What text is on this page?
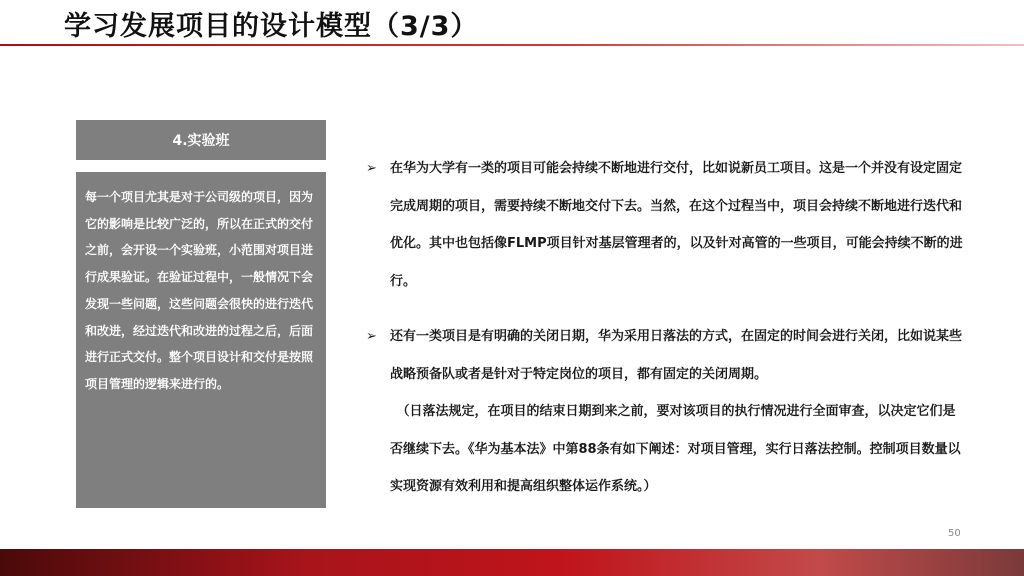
学习发展项目的设计模型（3/3）
4.实验班
每一个项目尤其是对于公司级的项目，因为它的影响是比较广泛的，所以在正式的交付之前，会开设一个实验班，小范围对项目进行成果验证。在验证过程中，一般情况下会发现一些问题，这些问题会很快的进行迭代和改进，经过迭代和改进的过程之后，后面进行正式交付。整个项目设计和交付是按照项目管理的逻辑来进行的。
➢ 在华为大学有一类的项目可能会持续不断地进行交付，比如说新员工项目。这是一个并没有设定固定完成周期的项目，需要持续不断地交付下去。当然，在这个过程当中，项目会持续不断地进行迭代和优化。其中也包括像FLMP项目针对基层管理者的，以及针对高管的一些项目，可能会持续不断的进行。
➢ 还有一类项目是有明确的关闭日期，华为采用日落法的方式，在固定的时间会进行关闭，比如说某些战略预备队或者是针对于特定岗位的项目，都有固定的关闭周期。
（日落法规定，在项目的结束日期到来之前，要对该项目的执行情况进行全面审查，以决定它们是否继续下去。《华为基本法》中第88条有如下阐述：对项目管理，实行日落法控制。控制项目数量以实现资源有效利用和提高组织整体运作系统。）
50
